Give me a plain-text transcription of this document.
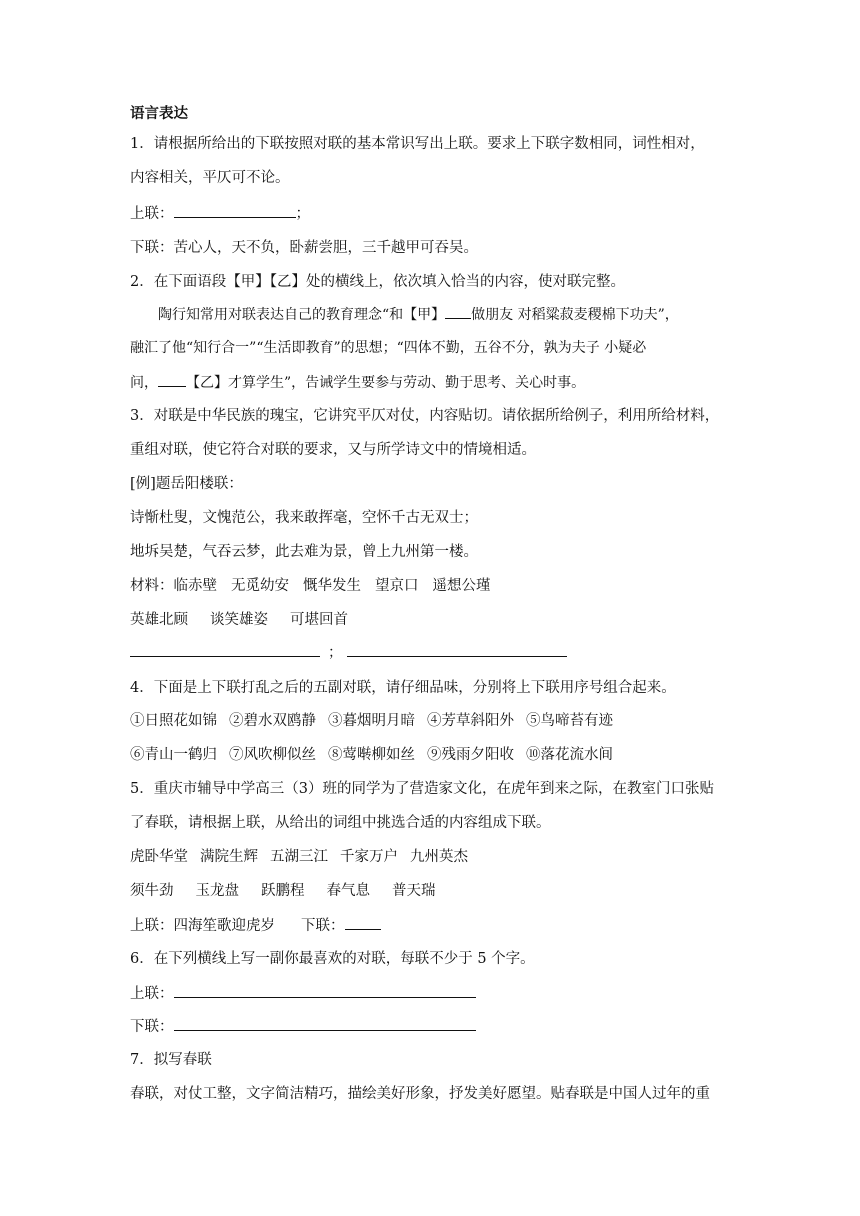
语言表达
1．请根据所给出的下联按照对联的基本常识写出上联。要求上下联字数相同，词性相对，
内容相关，平仄可不论。
上联：	；
下联：苦心人，天不负，卧薪尝胆，三千越甲可吞吴。
2．在下面语段【甲】【乙】处的横线上，依次填入恰当的内容，使对联完整。
陶行知常用对联表达自己的教育理念“和【甲】 做朋友 对稻粱菽麦稷棉下功夫”，
融汇了他“知行合一”“生活即教育”的思想；“四体不勤，五谷不分，孰为夫子 小疑必
问， 【乙】才算学生”，告诫学生要参与劳动、勤于思考、关心时事。
3．对联是中华民族的瑰宝，它讲究平仄对仗，内容贴切。请依据所给例子，利用所给材料，
重组对联，使它符合对联的要求，又与所学诗文中的情境相适。
[例]题岳阳楼联：
诗惭杜叟，文愧范公，我来敢挥毫，空怀千古无双士；
地坼吴楚，气吞云梦，此去难为景，曾上九州第一楼。
材料：临赤壁 无觅幼安 慨华发生 望京口 遥想公瑾
英雄北顾 谈笑雄姿 可堪回首
；
4．下面是上下联打乱之后的五副对联，请仔细品味，分别将上下联用序号组合起来。
①日照花如锦 ②碧水双鸥静 ③暮烟明月暗 ④芳草斜阳外 ⑤鸟啼苔有迹
⑥青山一鹤归 ⑦风吹柳似丝 ⑧莺啭柳如丝 ⑨残雨夕阳收 ⑩落花流水间
5．重庆市辅导中学高三（3）班的同学为了营造家文化，在虎年到来之际，在教室门口张贴
了春联，请根据上联，从给出的词组中挑选合适的内容组成下联。
虎卧华堂 满院生辉 五湖三江 千家万户 九州英杰
须牛劲 玉龙盘 跃鹏程 春气息 普天瑞
上联：四海笙歌迎虎岁 下联：
6．在下列横线上写一副你最喜欢的对联，每联不少于 5 个字。
上联：
下联：
7．拟写春联
春联，对仗工整，文字简洁精巧，描绘美好形象，抒发美好愿望。贴春联是中国人过年的重
